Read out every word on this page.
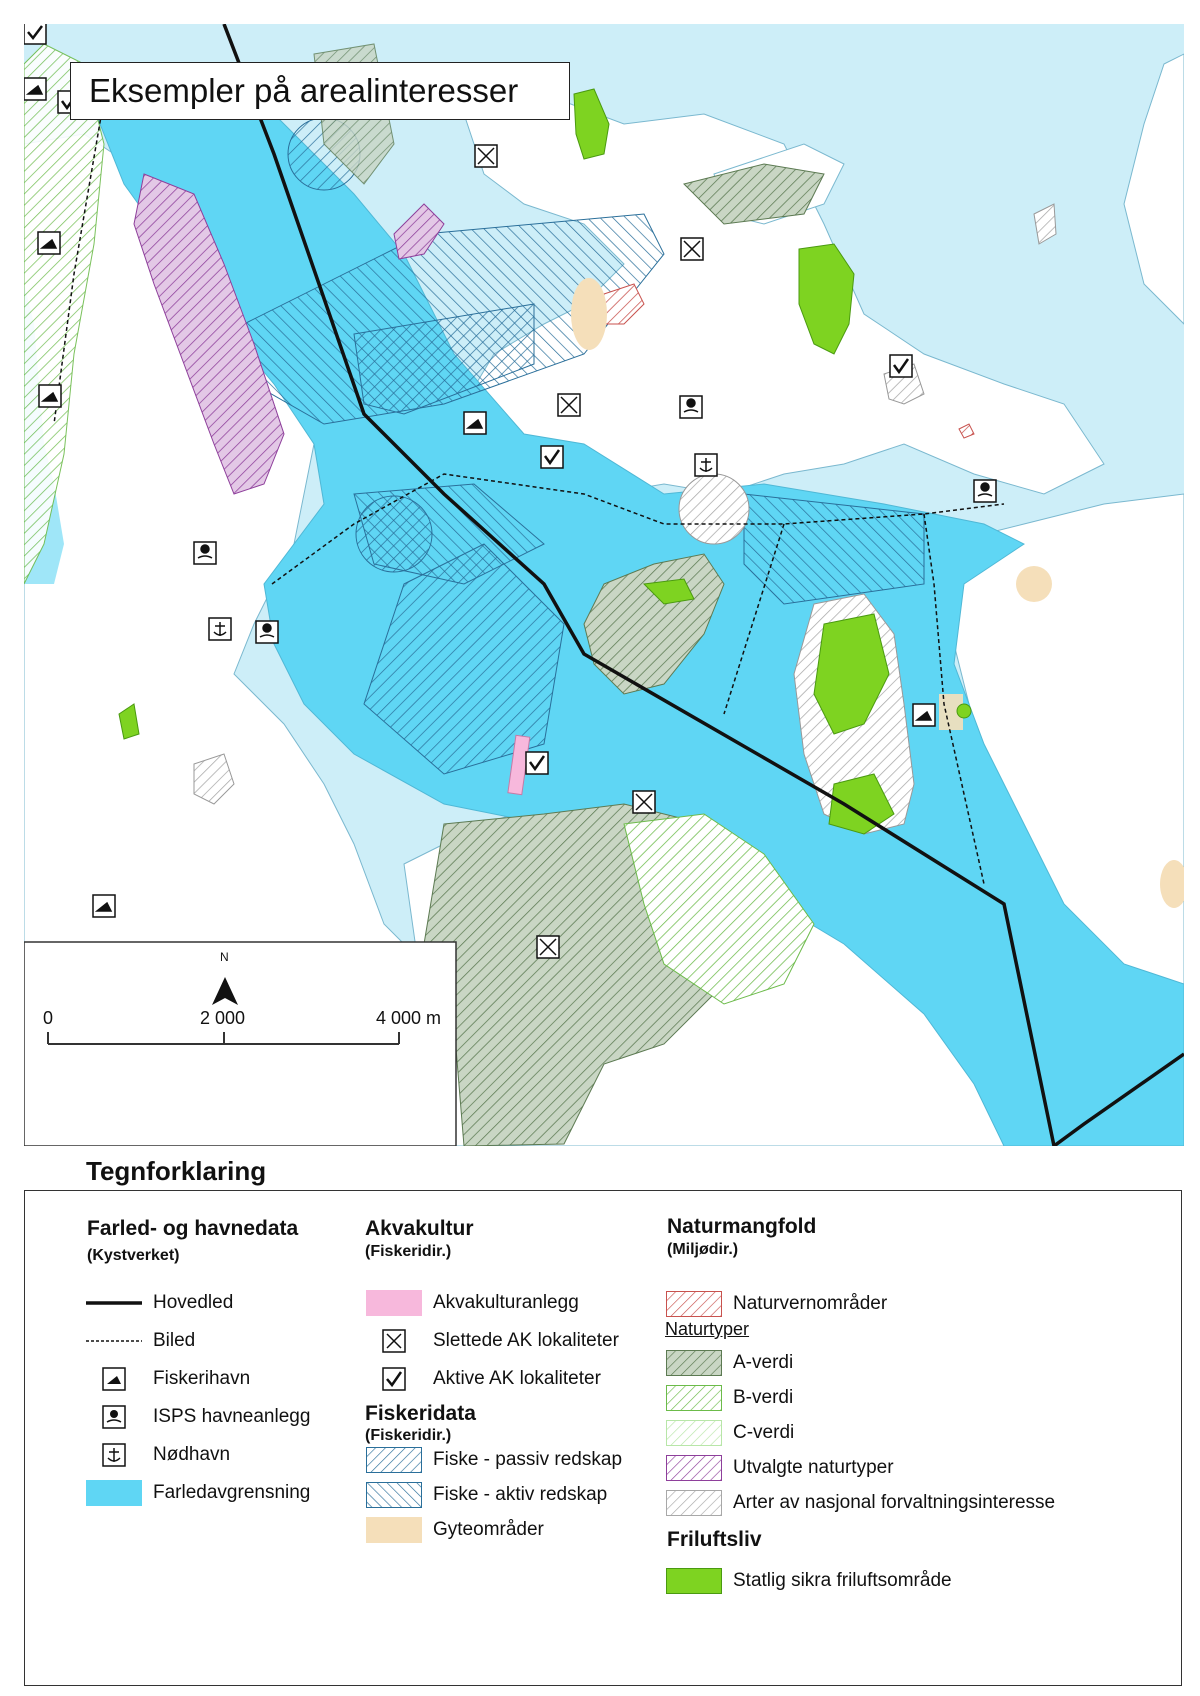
Eksempler på arealinteresser
N
0	2 000	4 000 m
Tegnforklaring
Farled- og havnedata
(Kystverket)
Hovedled
Biled
Fiskerihavn
ISPS havneanlegg
Nødhavn
Farledavgrensning
Akvakultur
(Fiskeridir.)
Akvakulturanlegg
Slettede AK lokaliteter
Aktive AK lokaliteter
Fiskeridata
(Fiskeridir.)
Fiske - passiv redskap
Fiske - aktiv redskap
Gyteområder
Naturmangfold
(Miljødir.)
Naturvernområder
Naturtyper
A-verdi
B-verdi
C-verdi
Utvalgte naturtyper
Arter av nasjonal forvaltningsinteresse
Friluftsliv
Statlig sikra friluftsområde
